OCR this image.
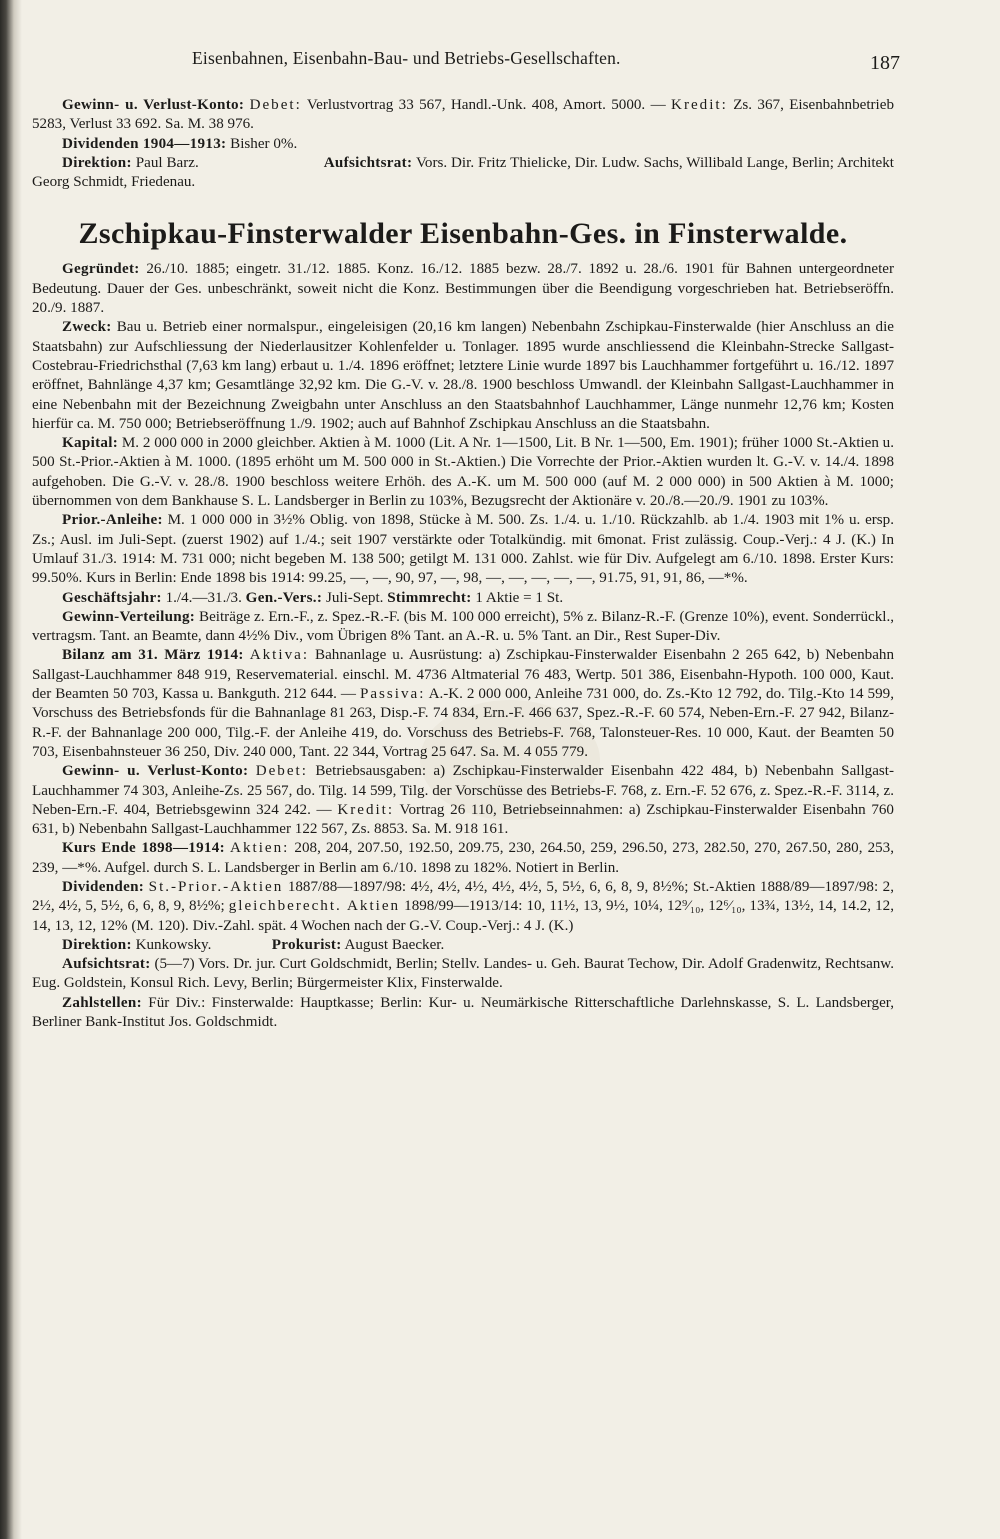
Eisenbahnen, Eisenbahn-Bau- und Betriebs-Gesellschaften.	187

Gewinn- u. Verlust-Konto: Debet: Verlustvortrag 33 567, Handl.-Unk. 408, Amort. 5000. — Kredit: Zs. 367, Eisenbahnbetrieb 5283, Verlust 33 692. Sa. M. 38 976.

Dividenden 1904—1913: Bisher 0%.

Direktion: Paul Barz.	Aufsichtsrat: Vors. Dir. Fritz Thielicke, Dir. Ludw. Sachs, Willibald Lange, Berlin; Architekt Georg Schmidt, Friedenau.

Zschipkau-Finsterwalder Eisenbahn-Ges. in Finsterwalde.

Gegründet: 26./10. 1885; eingetr. 31./12. 1885. Konz. 16./12. 1885 bezw. 28./7. 1892 u. 28./6. 1901 für Bahnen untergeordneter Bedeutung. Dauer der Ges. unbeschränkt, soweit nicht die Konz. Bestimmungen über die Beendigung vorgeschrieben hat. Betriebseröffn. 20./9. 1887.

Zweck: Bau u. Betrieb einer normalspur., eingeleisigen (20,16 km langen) Nebenbahn Zschipkau-Finsterwalde (hier Anschluss an die Staatsbahn) zur Aufschliessung der Niederlausitzer Kohlenfelder u. Tonlager. 1895 wurde anschliessend die Kleinbahn-Strecke Sallgast-Costebrau-Friedrichsthal (7,63 km lang) erbaut u. 1./4. 1896 eröffnet; letztere Linie wurde 1897 bis Lauchhammer fortgeführt u. 16./12. 1897 eröffnet, Bahnlänge 4,37 km; Gesamtlänge 32,92 km. Die G.-V. v. 28./8. 1900 beschloss Umwandl. der Kleinbahn Sallgast-Lauchhammer in eine Nebenbahn mit der Bezeichnung Zweigbahn unter Anschluss an den Staatsbahnhof Lauchhammer, Länge nunmehr 12,76 km; Kosten hierfür ca. M. 750 000; Betriebseröffnung 1./9. 1902; auch auf Bahnhof Zschipkau Anschluss an die Staatsbahn.

Kapital: M. 2 000 000 in 2000 gleichber. Aktien à M. 1000 (Lit. A Nr. 1—1500, Lit. B Nr. 1—500, Em. 1901); früher 1000 St.-Aktien u. 500 St.-Prior.-Aktien à M. 1000. (1895 erhöht um M. 500 000 in St.-Aktien.) Die Vorrechte der Prior.-Aktien wurden lt. G.-V. v. 14./4. 1898 aufgehoben. Die G.-V. v. 28./8. 1900 beschloss weitere Erhöh. des A.-K. um M. 500 000 (auf M. 2 000 000) in 500 Aktien à M. 1000; übernommen von dem Bankhause S. L. Landsberger in Berlin zu 103%, Bezugsrecht der Aktionäre v. 20./8.—20./9. 1901 zu 103%.

Prior.-Anleihe: M. 1 000 000 in 3½% Oblig. von 1898, Stücke à M. 500. Zs. 1./4. u. 1./10. Rückzahlb. ab 1./4. 1903 mit 1% u. ersp. Zs.; Ausl. im Juli-Sept. (zuerst 1902) auf 1./4.; seit 1907 verstärkte oder Totalkündig. mit 6monat. Frist zulässig. Coup.-Verj.: 4 J. (K.) In Umlauf 31./3. 1914: M. 731 000; nicht begeben M. 138 500; getilgt M. 131 000. Zahlst. wie für Div. Aufgelegt am 6./10. 1898. Erster Kurs: 99.50%. Kurs in Berlin: Ende 1898 bis 1914: 99.25, —, —, 90, 97, —, 98, —, —, —, —, —, 91.75, 91, 91, 86, —*%.

Geschäftsjahr: 1./4.—31./3. Gen.-Vers.: Juli-Sept. Stimmrecht: 1 Aktie = 1 St.

Gewinn-Verteilung: Beiträge z. Ern.-F., z. Spez.-R.-F. (bis M. 100 000 erreicht), 5% z. Bilanz-R.-F. (Grenze 10%), event. Sonderrückl., vertragsm. Tant. an Beamte, dann 4½% Div., vom Übrigen 8% Tant. an A.-R. u. 5% Tant. an Dir., Rest Super-Div.

Bilanz am 31. März 1914: Aktiva: Bahnanlage u. Ausrüstung: a) Zschipkau-Finsterwalder Eisenbahn 2 265 642, b) Nebenbahn Sallgast-Lauchhammer 848 919, Reservematerial. einschl. M. 4736 Altmaterial 76 483, Wertp. 501 386, Eisenbahn-Hypoth. 100 000, Kaut. der Beamten 50 703, Kassa u. Bankguth. 212 644. — Passiva: A.-K. 2 000 000, Anleihe 731 000, do. Zs.-Kto 12 792, do. Tilg.-Kto 14 599, Vorschuss des Betriebsfonds für die Bahnanlage 81 263, Disp.-F. 74 834, Ern.-F. 466 637, Spez.-R.-F. 60 574, Neben-Ern.-F. 27 942, Bilanz-R.-F. der Bahnanlage 200 000, Tilg.-F. der Anleihe 419, do. Vorschuss des Betriebs-F. 768, Talonsteuer-Res. 10 000, Kaut. der Beamten 50 703, Eisenbahnsteuer 36 250, Div. 240 000, Tant. 22 344, Vortrag 25 647. Sa. M. 4 055 779.

Gewinn- u. Verlust-Konto: Debet: Betriebsausgaben: a) Zschipkau-Finsterwalder Eisenbahn 422 484, b) Nebenbahn Sallgast-Lauchhammer 74 303, Anleihe-Zs. 25 567, do. Tilg. 14 599, Tilg. der Vorschüsse des Betriebs-F. 768, z. Ern.-F. 52 676, z. Spez.-R.-F. 3114, z. Neben-Ern.-F. 404, Betriebsgewinn 324 242. — Kredit: Vortrag 26 110, Betriebseinnahmen: a) Zschipkau-Finsterwalder Eisenbahn 760 631, b) Nebenbahn Sallgast-Lauchhammer 122 567, Zs. 8853. Sa. M. 918 161.

Kurs Ende 1898—1914: Aktien: 208, 204, 207.50, 192.50, 209.75, 230, 264.50, 259, 296.50, 273, 282.50, 270, 267.50, 280, 253, 239, —*%. Aufgel. durch S. L. Landsberger in Berlin am 6./10. 1898 zu 182%. Notiert in Berlin.

Dividenden: St.-Prior.-Aktien 1887/88—1897/98: 4½, 4½, 4½, 4½, 4½, 5, 5½, 6, 6, 8, 9, 8½%; St.-Aktien 1888/89—1897/98: 2, 2½, 4½, 5, 5½, 6, 6, 8, 9, 8½%; gleichberecht. Aktien 1898/99—1913/14: 10, 11½, 13, 9½, 10¼, 12⁹⁄₁₀, 12⁶⁄₁₀, 13¾, 13½, 14, 14.2, 12, 14, 13, 12, 12% (M. 120). Div.-Zahl. spät. 4 Wochen nach der G.-V. Coup.-Verj.: 4 J. (K.)

Direktion: Kunkowsky.	Prokurist: August Baecker.

Aufsichtsrat: (5—7) Vors. Dr. jur. Curt Goldschmidt, Berlin; Stellv. Landes- u. Geh. Baurat Techow, Dir. Adolf Gradenwitz, Rechtsanw. Eug. Goldstein, Konsul Rich. Levy, Berlin; Bürgermeister Klix, Finsterwalde.

Zahlstellen: Für Div.: Finsterwalde: Hauptkasse; Berlin: Kur- u. Neumärkische Ritterschaftliche Darlehnskasse, S. L. Landsberger, Berliner Bank-Institut Jos. Goldschmidt.
